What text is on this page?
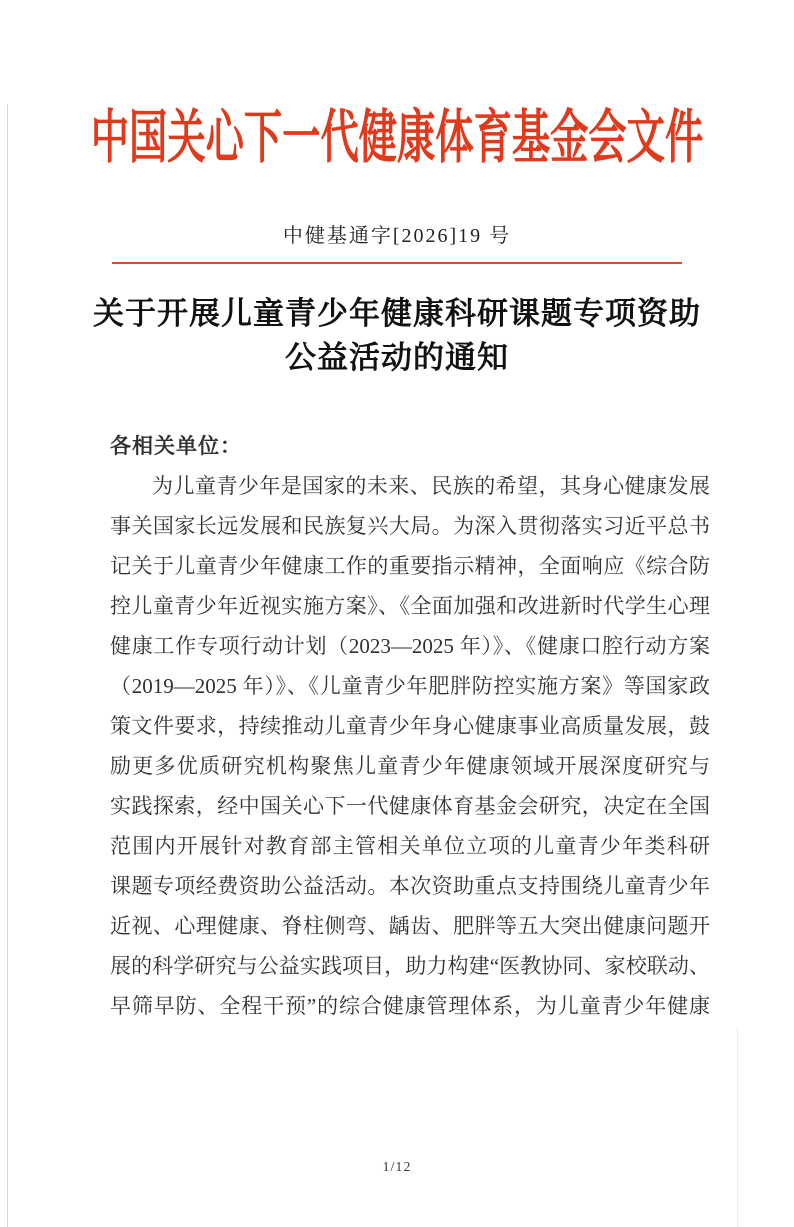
中国关心下一代健康体育基金会文件
中健基通字[2026]19 号
关于开展儿童青少年健康科研课题专项资助
公益活动的通知
各相关单位：
为儿童青少年是国家的未来、民族的希望，其身心健康发展
事关国家长远发展和民族复兴大局。为深入贯彻落实习近平总书
记关于儿童青少年健康工作的重要指示精神，全面响应《综合防
控儿童青少年近视实施方案》、《全面加强和改进新时代学生心理
健康工作专项行动计划（2023—2025 年）》、《健康口腔行动方案
（2019—2025 年）》、《儿童青少年肥胖防控实施方案》等国家政
策文件要求，持续推动儿童青少年身心健康事业高质量发展，鼓
励更多优质研究机构聚焦儿童青少年健康领域开展深度研究与
实践探索，经中国关心下一代健康体育基金会研究，决定在全国
范围内开展针对教育部主管相关单位立项的儿童青少年类科研
课题专项经费资助公益活动。本次资助重点支持围绕儿童青少年
近视、心理健康、脊柱侧弯、龋齿、肥胖等五大突出健康问题开
展的科学研究与公益实践项目，助力构建“医教协同、家校联动、
早筛早防、全程干预”的综合健康管理体系，为儿童青少年健康
1/12
